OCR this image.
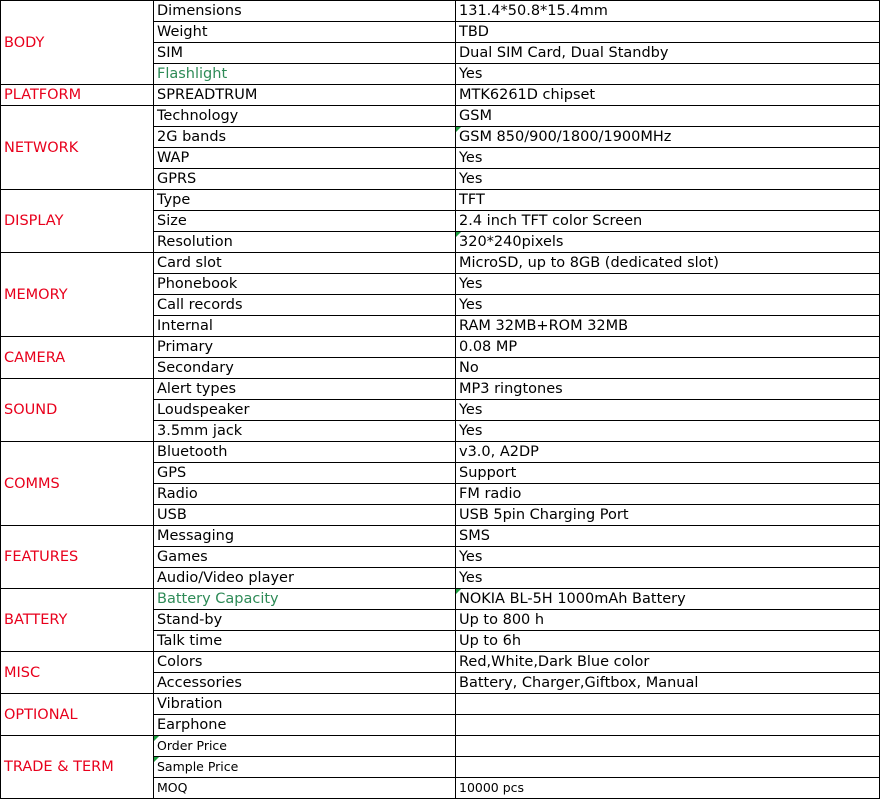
BODY	Dimensions	131.4*50.8*15.4mm
	Weight	TBD
	SIM	Dual SIM Card, Dual Standby
	Flashlight	Yes
PLATFORM	SPREADTRUM	MTK6261D chipset
NETWORK	Technology	GSM
	2G bands	GSM 850/900/1800/1900MHz
	WAP	Yes
	GPRS	Yes
DISPLAY	Type	TFT
	Size	2.4 inch TFT color Screen
	Resolution	320*240pixels
MEMORY	Card slot	MicroSD, up to 8GB (dedicated slot)
	Phonebook	Yes
	Call records	Yes
	Internal	RAM 32MB+ROM 32MB
CAMERA	Primary	0.08 MP
	Secondary	No
SOUND	Alert types	MP3 ringtones
	Loudspeaker	Yes
	3.5mm jack	Yes
COMMS	Bluetooth	v3.0, A2DP
	GPS	Support
	Radio	FM radio
	USB	USB 5pin Charging Port
FEATURES	Messaging	SMS
	Games	Yes
	Audio/Video player	Yes
BATTERY	Battery Capacity	NOKIA BL-5H 1000mAh Battery
	Stand-by	Up to 800 h
	Talk time	Up to 6h
MISC	Colors	Red,White,Dark Blue color
	Accessories	Battery, Charger,Giftbox, Manual
OPTIONAL	Vibration	
	Earphone	
TRADE & TERM	Order Price	
	Sample Price	
	MOQ	10000 pcs
